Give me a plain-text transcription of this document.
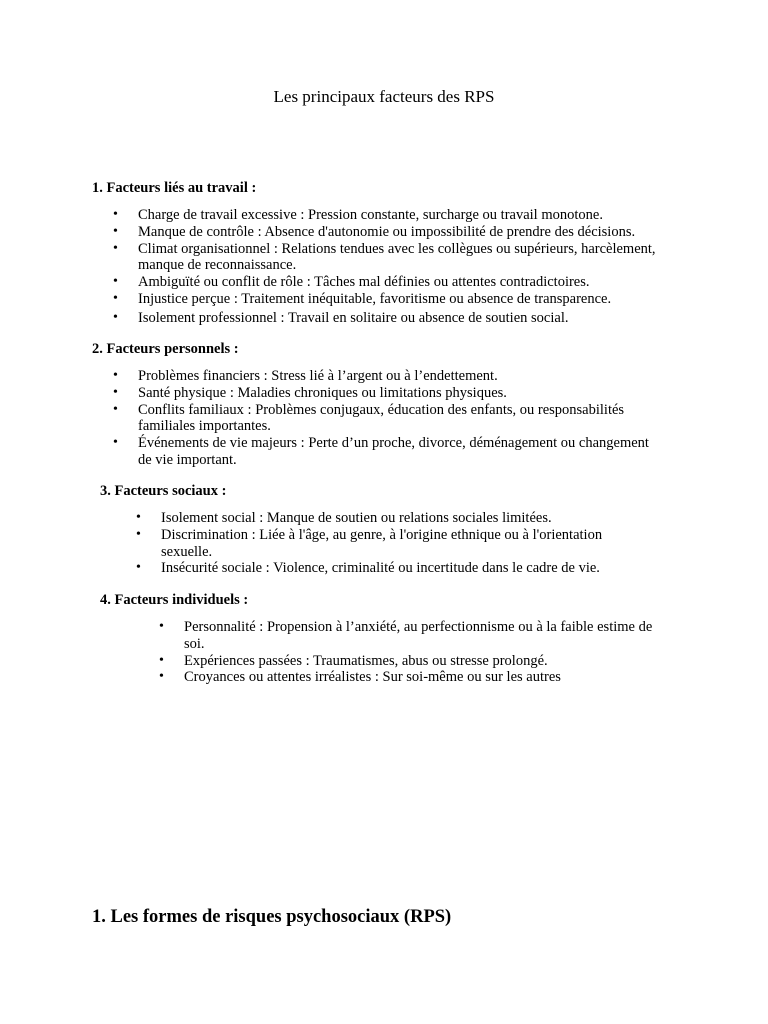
Les principaux facteurs des RPS

1. Facteurs liés au travail :

• Charge de travail excessive : Pression constante, surcharge ou travail monotone.
• Manque de contrôle : Absence d'autonomie ou impossibilité de prendre des décisions.
• Climat organisationnel : Relations tendues avec les collègues ou supérieurs, harcèlement, manque de reconnaissance.
• Ambiguïté ou conflit de rôle : Tâches mal définies ou attentes contradictoires.
• Injustice perçue : Traitement inéquitable, favoritisme ou absence de transparence.
• Isolement professionnel : Travail en solitaire ou absence de soutien social.

2. Facteurs personnels :

• Problèmes financiers : Stress lié à l’argent ou à l’endettement.
• Santé physique : Maladies chroniques ou limitations physiques.
• Conflits familiaux : Problèmes conjugaux, éducation des enfants, ou responsabilités familiales importantes.
• Événements de vie majeurs : Perte d’un proche, divorce, déménagement ou changement de vie important.

3. Facteurs sociaux :

• Isolement social : Manque de soutien ou relations sociales limitées.
• Discrimination : Liée à l'âge, au genre, à l'origine ethnique ou à l'orientation sexuelle.
• Insécurité sociale : Violence, criminalité ou incertitude dans le cadre de vie.

4. Facteurs individuels :

• Personnalité : Propension à l’anxiété, au perfectionnisme ou à la faible estime de soi.
• Expériences passées : Traumatismes, abus ou stresse prolongé.
• Croyances ou attentes irréalistes : Sur soi-même ou sur les autres
1. Les formes de risques psychosociaux (RPS)
